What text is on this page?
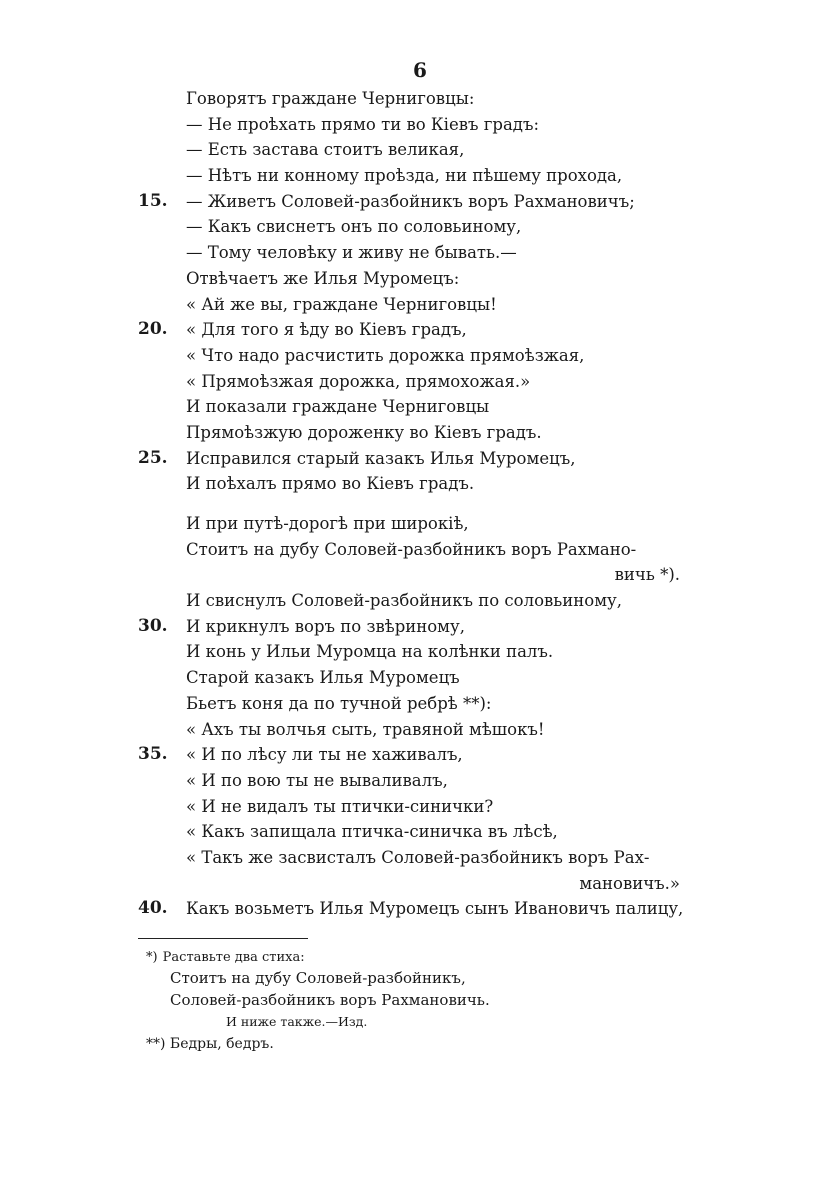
6
Говорятъ граждане Черниговцы:
— Не проѣхать прямо ти во Кіевъ градъ:
— Есть застава стоитъ великая,
— Нѣтъ ни конному проѣзда, ни пѣшему прохода,
15.	— Живетъ Соловей-разбойникъ воръ Рахмановичъ;
— Какъ свиснетъ онъ по соловьиному,
— Тому человѣку и живу не бывать.—
Отвѣчаетъ же Илья Муромецъ:
« Ай же вы, граждане Черниговцы!
20.	« Для того я ѣду во Кіевъ градъ,
« Что надо расчистить дорожка прямоѣзжая,
« Прямоѣзжая дорожка, прямохожая.»
И показали граждане Черниговцы
Прямоѣзжую дороженку во Кіевъ градъ.
25.	Исправился старый казакъ Илья Муромецъ,
И поѣхалъ прямо во Кіевъ градъ.
И при путѣ-дорогѣ при широкіѣ,
Стоитъ на дубу Соловей-разбойникъ воръ Рахмано-
вичь *).
И свиснулъ Соловей-разбойникъ по соловьиному,
30.	И крикнулъ воръ по звѣриному,
И конь у Ильи Муромца на колѣнки палъ.
Старой казакъ Илья Муромецъ
Бьетъ коня да по тучной ребрѣ **):
« Ахъ ты волчья сыть, травяной мѣшокъ!
35.	« И по лѣсу ли ты не хаживалъ,
« И по вою ты не вываливалъ,
« И не видалъ ты птички-синички?
« Какъ запищала птичка-синичка въ лѣсѣ,
« Такъ же засвисталъ Соловей-разбойникъ воръ Рах-
мановичъ.»
40.	Какъ возьметъ Илья Муромецъ сынъ Ивановичъ палицу,
*) Раставьте два стиха:
Стоитъ на дубу Соловей-разбойникъ,
Соловей-разбойникъ воръ Рахмановичь.
И ниже также.—Изд.
**) Бедры, бедръ.
